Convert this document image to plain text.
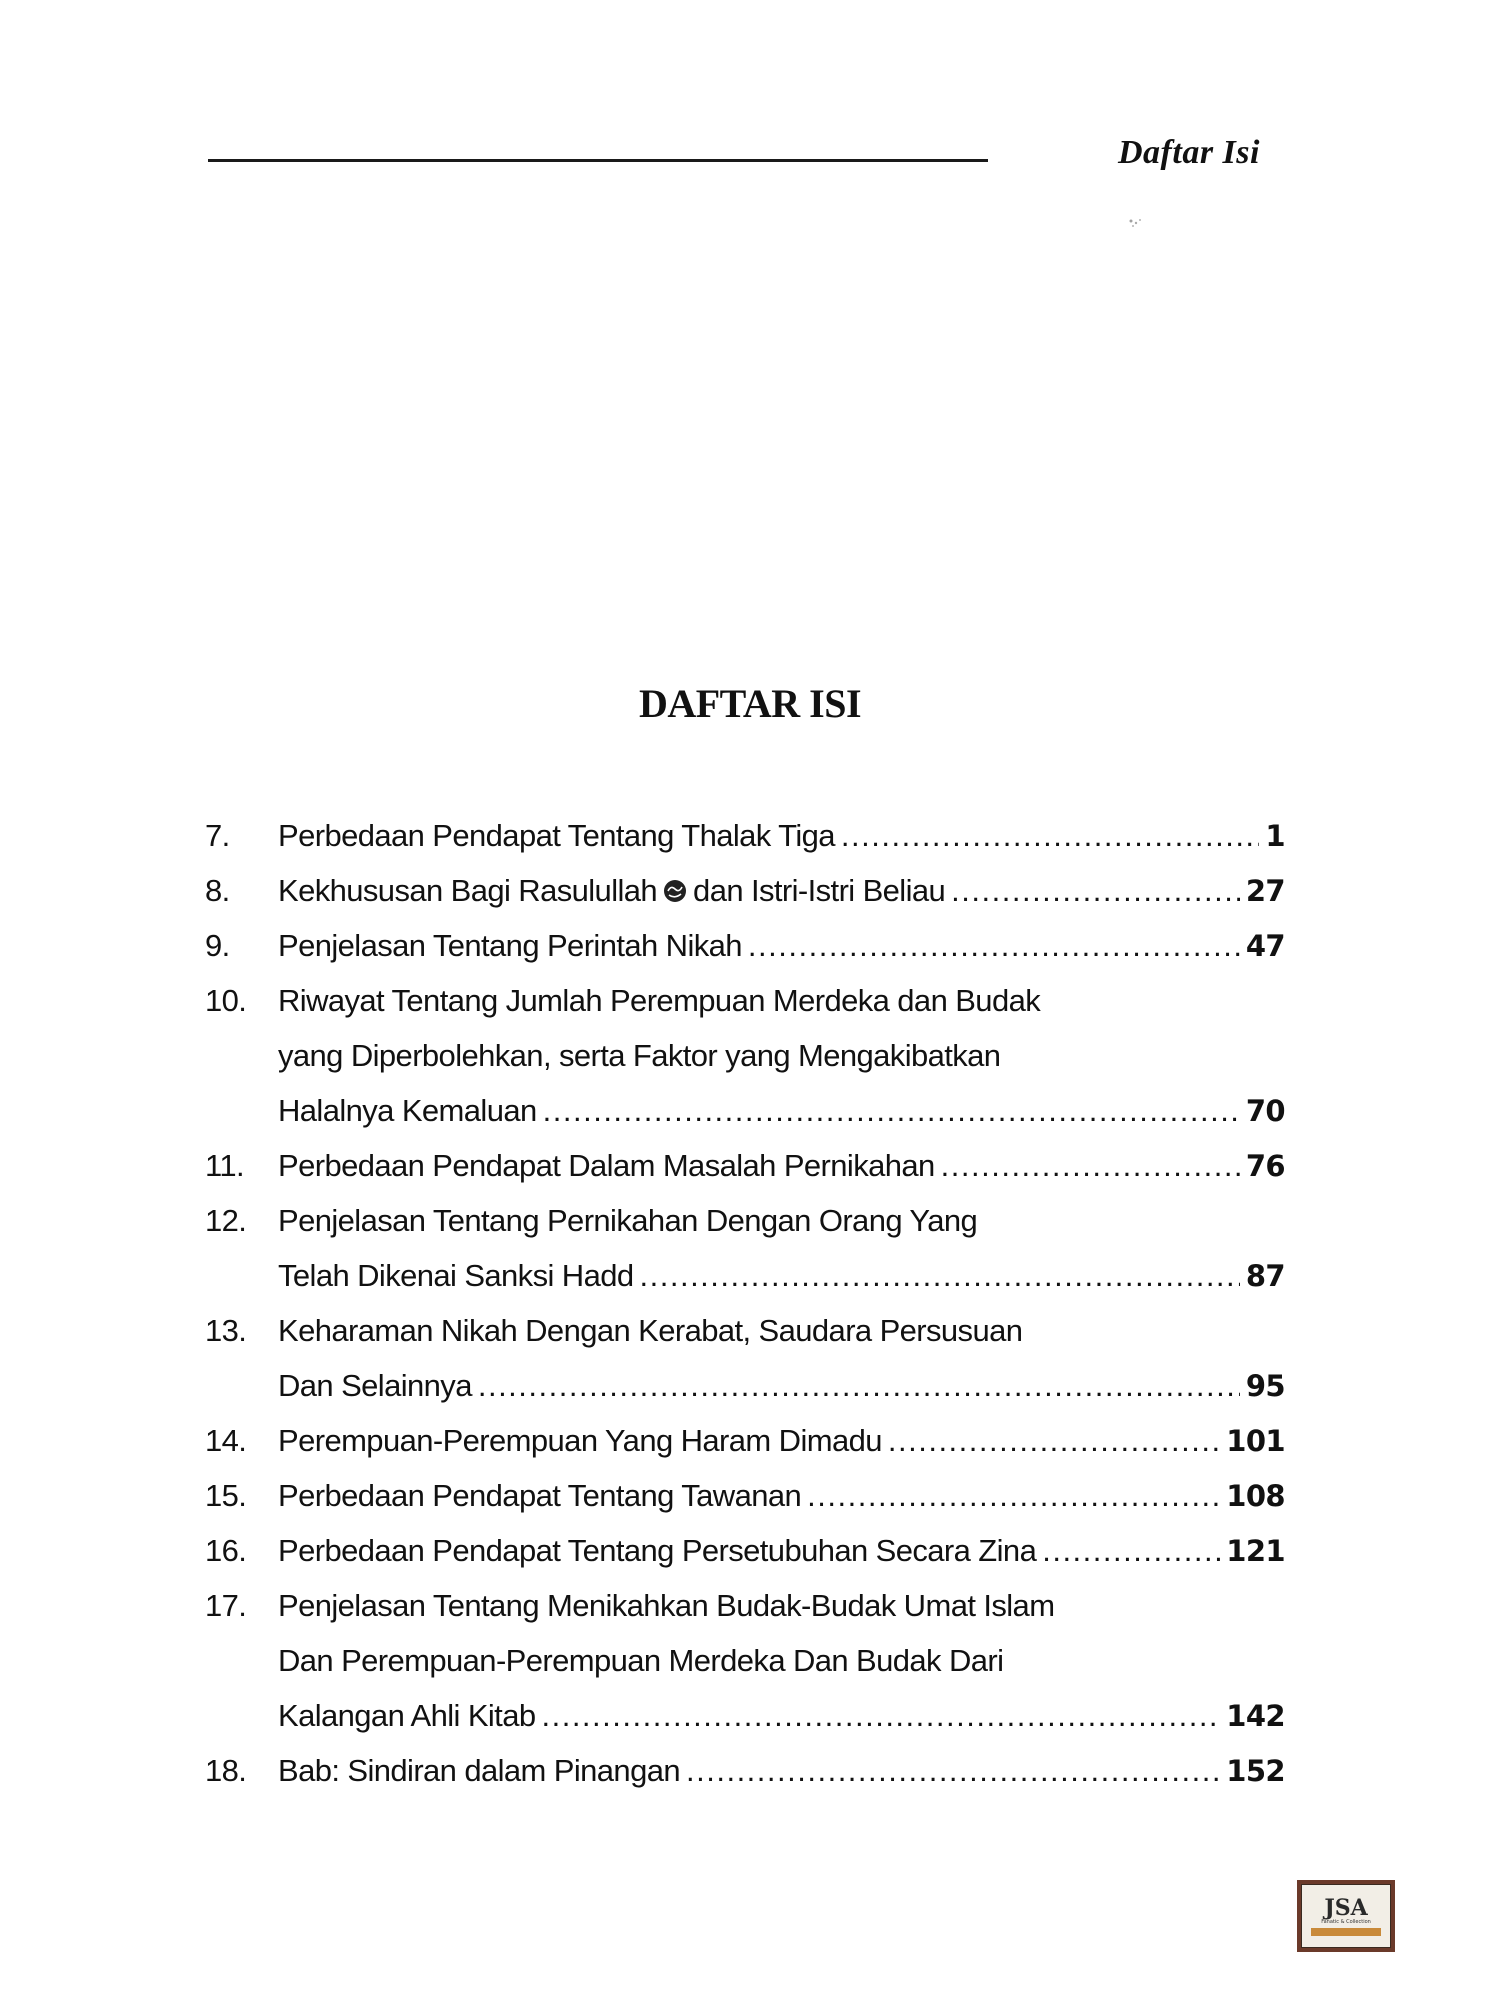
Daftar Isi
DAFTAR ISI
7.	Perbedaan Pendapat Tentang Thalak Tiga .....	1
8.	Kekhususan Bagi Rasulullah dan Istri-Istri Beliau .....	27
9.	Penjelasan Tentang Perintah Nikah .....	47
10.	Riwayat Tentang Jumlah Perempuan Merdeka dan Budak
yang Diperbolehkan, serta Faktor yang Mengakibatkan
Halalnya Kemaluan .....	70
11.	Perbedaan Pendapat Dalam Masalah Pernikahan .....	76
12.	Penjelasan Tentang Pernikahan Dengan Orang Yang
Telah Dikenai Sanksi Hadd .....	87
13.	Keharaman Nikah Dengan Kerabat, Saudara Persusuan
Dan Selainnya .....	95
14.	Perempuan-Perempuan Yang Haram Dimadu .....	101
15.	Perbedaan Pendapat Tentang Tawanan .....	108
16.	Perbedaan Pendapat Tentang Persetubuhan Secara Zina .....	121
17.	Penjelasan Tentang Menikahkan Budak-Budak Umat Islam
Dan Perempuan-Perempuan Merdeka Dan Budak Dari
Kalangan Ahli Kitab .....	142
18.	Bab: Sindiran dalam Pinangan .....	152
JSA
Fanatic & Collection
